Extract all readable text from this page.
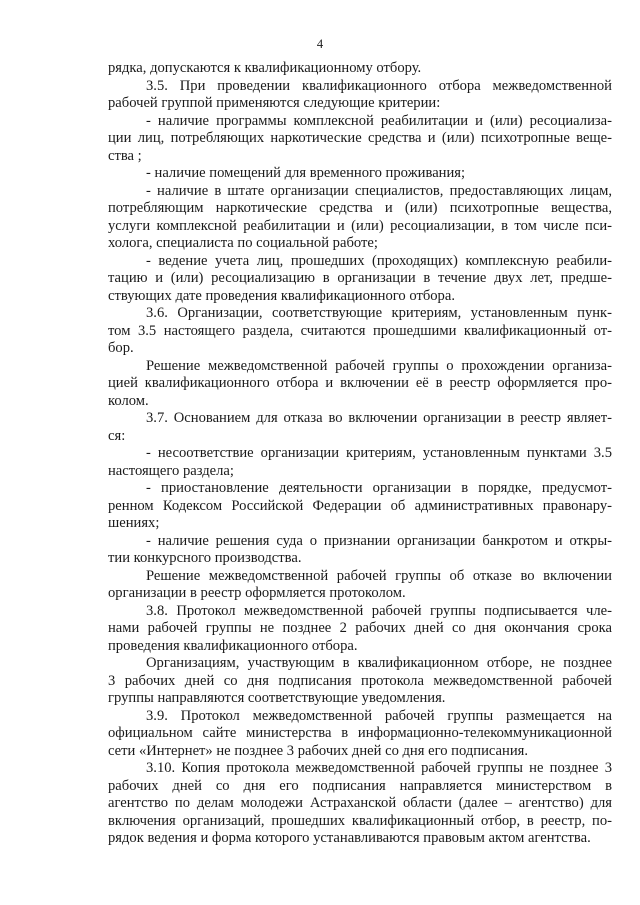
4
рядка, допускаются к квалификационному отбору.
3.5. При проведении квалификационного отбора межведомственной
рабочей группой применяются следующие критерии:
- наличие программы комплексной реабилитации и (или) ресоциализа-
ции лиц, потребляющих наркотические средства и (или) психотропные веще-
ства ;
- наличие помещений для временного проживания;
- наличие в штате организации специалистов, предоставляющих лицам,
потребляющим наркотические средства и (или) психотропные вещества,
услуги комплексной реабилитации и (или) ресоциализации, в том числе пси-
холога, специалиста по социальной работе;
- ведение учета лиц, прошедших (проходящих) комплексную реабили-
тацию и (или) ресоциализацию в организации в течение двух лет, предше-
ствующих дате проведения квалификационного отбора.
3.6. Организации, соответствующие критериям, установленным пунк-
том 3.5 настоящего раздела, считаются прошедшими квалификационный от-
бор.
Решение межведомственной рабочей группы о прохождении организа-
цией квалификационного отбора и включении её в реестр оформляется про-
колом.
3.7. Основанием для отказа во включении организации в реестр являет-
ся:
- несоответствие организации критериям, установленным пунктами 3.5
настоящего раздела;
- приостановление деятельности организации в порядке, предусмот-
ренном Кодексом Российской Федерации об административных правонару-
шениях;
- наличие решения суда о признании организации банкротом и откры-
тии конкурсного производства.
Решение межведомственной рабочей группы об отказе во включении
организации в реестр оформляется протоколом.
3.8. Протокол межведомственной рабочей группы подписывается чле-
нами рабочей группы не позднее 2 рабочих дней со дня окончания срока
проведения квалификационного отбора.
Организациям, участвующим в квалификационном отборе, не позднее
3 рабочих дней со дня подписания протокола межведомственной рабочей
группы направляются соответствующие уведомления.
3.9. Протокол межведомственной рабочей группы размещается на
официальном сайте министерства в информационно-телекоммуникационной
сети «Интернет» не позднее 3 рабочих дней со дня его подписания.
3.10. Копия протокола межведомственной рабочей группы не позднее 3
рабочих дней со дня его подписания направляется министерством в
агентство по делам молодежи Астраханской области (далее – агентство) для
включения организаций, прошедших квалификационный отбор, в реестр, по-
рядок ведения и форма которого устанавливаются правовым актом агентства.
